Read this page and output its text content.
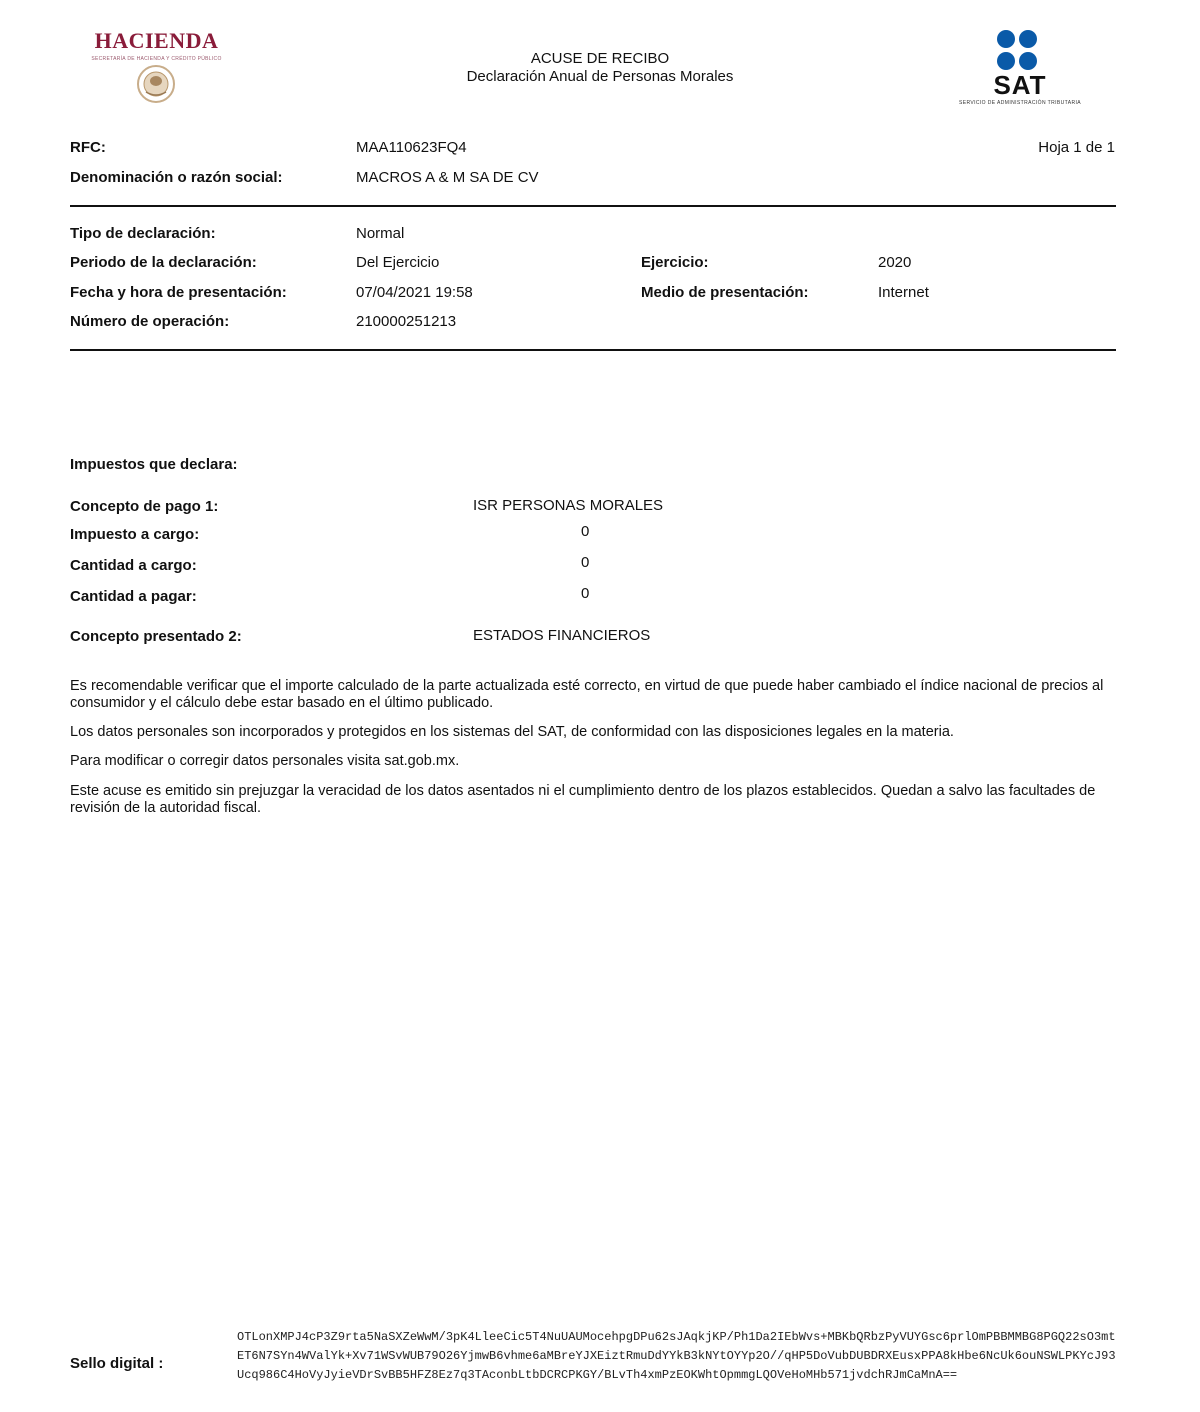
HACIENDA
SECRETARÍA DE HACIENDA Y CRÉDITO PÚBLICO	ACUSE DE RECIBO
Declaración Anual de Personas Morales	SAT
SERVICIO DE ADMINISTRACIÓN TRIBUTARIA
RFC:	MAA110623FQ4	Hoja 1 de 1
Denominación o razón social:	MACROS A & M SA DE CV
Tipo de declaración:	Normal
Periodo de la declaración:	Del Ejercicio	Ejercicio:	2020
Fecha y hora de presentación:	07/04/2021 19:58	Medio de presentación:	Internet
Número de operación:	210000251213
Impuestos que declara:
Concepto de pago 1:	ISR PERSONAS MORALES
Impuesto a cargo:	0
Cantidad a cargo:	0
Cantidad a pagar:	0
Concepto presentado 2:	ESTADOS FINANCIEROS
Es recomendable verificar que el importe calculado de la parte actualizada esté correcto, en virtud de que puede haber cambiado el índice nacional de precios al consumidor y el cálculo debe estar basado en el último publicado.
Los datos personales son incorporados y protegidos en los sistemas del SAT, de conformidad con las disposiciones legales en la materia.
Para modificar o corregir datos personales visita sat.gob.mx.
Este acuse es emitido sin prejuzgar la veracidad de los datos asentados ni el cumplimiento dentro de los plazos establecidos. Quedan a salvo las facultades de revisión de la autoridad fiscal.
Sello digital :
OTLonXMPJ4cP3Z9rta5NaSXZeWwM/3pK4LleeCic5T4NuUAUMocehpgDPu62sJAqkjKP/Ph1Da2IEbWvs+MBKbQRbzPyVUYGsc6prlOmPBBMMBG8PGQ22sO3mtET6N7SYn4WValYk+Xv71WSvWUB79O26YjmwB6vhme6aMBreYJXEiztRmuDdYYkB3kNYtOYYp2O//qHP5DoVubDUBDRXEusxPPA8kHbe6NcUk6ouNSWLPKYcJ93Ucq986C4HoVyJyieVDrSvBB5HFZ8Ez7q3TAconbLtbDCRCPKGY/BLvTh4xmPzEOKWhtOpmmgLQOVeHoMHb571jvdchRJmCaMnA==
